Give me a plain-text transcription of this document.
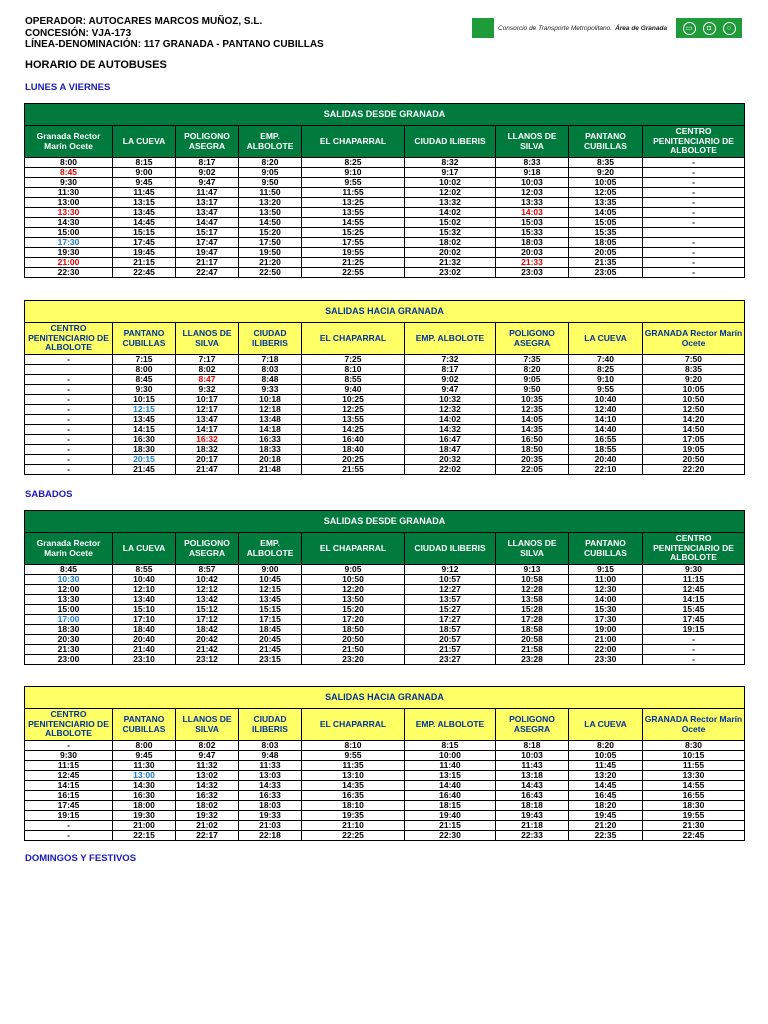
OPERADOR: AUTOCARES MARCOS MUÑOZ, S.L.
CONCESIÓN: VJA-173
LÍNEA-DENOMINACIÓN: 117 GRANADA - PANTANO CUBILLAS
Consorcio de Transporte Metropolitano. Área de Granada	▭	◘	○
HORARIO DE AUTOBUSES
LUNES A VIERNES
SABADOS
DOMINGOS Y FESTIVOS
SALIDAS DESDE GRANADA								
Granada Rector Marín Ocete	LA CUEVA	POLIGONO ASEGRA	EMP. ALBOLOTE	EL CHAPARRAL	CIUDAD ILIBERIS	LLANOS DE SILVA	PANTANO CUBILLAS	CENTRO PENITENCIARIO DE ALBOLOTE
8:00	8:15	8:17	8:20	8:25	8:32	8:33	8:35	-
8:45	9:00	9:02	9:05	9:10	9:17	9:18	9:20	-
9:30	9:45	9:47	9:50	9:55	10:02	10:03	10:05	-
11:30	11:45	11:47	11:50	11:55	12:02	12:03	12:05	-
13:00	13:15	13:17	13:20	13:25	13:32	13:33	13:35	-
13:30	13:45	13:47	13:50	13:55	14:02	14:03	14:05	-
14:30	14:45	14:47	14:50	14:55	15:02	15:03	15:05	-
15:00	15:15	15:17	15:20	15:25	15:32	15:33	15:35	
17:30	17:45	17:47	17:50	17:55	18:02	18:03	18:05	-
19:30	19:45	19:47	19:50	19:55	20:02	20:03	20:05	-
21:00	21:15	21:17	21:20	21:25	21:32	21:33	21:35	-
22:30	22:45	22:47	22:50	22:55	23:02	23:03	23:05	-
SALIDAS HACIA GRANADA								
CENTRO PENITENCIARIO DE ALBOLOTE	PANTANO CUBILLAS	LLANOS DE SILVA	CIUDAD ILIBERIS	EL CHAPARRAL	EMP. ALBOLOTE	POLIGONO ASEGRA	LA CUEVA	GRANADA Rector Marín Ocete
-	7:15	7:17	7:18	7:25	7:32	7:35	7:40	7:50
	8:00	8:02	8:03	8:10	8:17	8:20	8:25	8:35
-	8:45	8:47	8:48	8:55	9:02	9:05	9:10	9:20
-	9:30	9:32	9:33	9:40	9:47	9:50	9:55	10:05
-	10:15	10:17	10:18	10:25	10:32	10:35	10:40	10:50
-	12:15	12:17	12:18	12:25	12:32	12:35	12:40	12:50
-	13:45	13:47	13:48	13:55	14:02	14:05	14:10	14:20
-	14:15	14:17	14:18	14:25	14:32	14:35	14:40	14:50
-	16:30	16:32	16:33	16:40	16:47	16:50	16:55	17:05
-	18:30	18:32	18:33	18:40	18:47	18:50	18:55	19:05
-	20:15	20:17	20:18	20:25	20:32	20:35	20:40	20:50
-	21:45	21:47	21:48	21:55	22:02	22:05	22:10	22:20
SALIDAS DESDE GRANADA								
Granada Rector Marín Ocete	LA CUEVA	POLIGONO ASEGRA	EMP. ALBOLOTE	EL CHAPARRAL	CIUDAD ILIBERIS	LLANOS DE SILVA	PANTANO CUBILLAS	CENTRO PENITENCIARIO DE ALBOLOTE
8:45	8:55	8:57	9:00	9:05	9:12	9:13	9:15	9:30
10:30	10:40	10:42	10:45	10:50	10:57	10:58	11:00	11:15
12:00	12:10	12:12	12:15	12:20	12:27	12:28	12:30	12:45
13:30	13:40	13:42	13:45	13:50	13:57	13:58	14:00	14:15
15:00	15:10	15:12	15:15	15:20	15:27	15:28	15:30	15:45
17:00	17:10	17:12	17:15	17:20	17:27	17:28	17:30	17:45
18:30	18:40	18:42	18:45	18:50	18:57	18:58	19:00	19:15
20:30	20:40	20:42	20:45	20:50	20:57	20:58	21:00	-
21:30	21:40	21:42	21:45	21:50	21:57	21:58	22:00	-
23:00	23:10	23:12	23:15	23:20	23:27	23:28	23:30	-
SALIDAS HACIA GRANADA								
CENTRO PENITENCIARIO DE ALBOLOTE	PANTANO CUBILLAS	LLANOS DE SILVA	CIUDAD ILIBERIS	EL CHAPARRAL	EMP. ALBOLOTE	POLIGONO ASEGRA	LA CUEVA	GRANADA Rector Marín Ocete
-	8:00	8:02	8:03	8:10	8:15	8:18	8:20	8:30
9:30	9:45	9:47	9:48	9:55	10:00	10:03	10:05	10:15
11:15	11:30	11:32	11:33	11:35	11:40	11:43	11:45	11:55
12:45	13:00	13:02	13:03	13:10	13:15	13:18	13:20	13:30
14:15	14:30	14:32	14:33	14:35	14:40	14:43	14:45	14:55
16:15	16:30	16:32	16:33	16:35	16:40	16:43	16:45	16:55
17:45	18:00	18:02	18:03	18:10	18:15	18:18	18:20	18:30
19:15	19:30	19:32	19:33	19:35	19:40	19:43	19:45	19:55
-	21:00	21:02	21:03	21:10	21:15	21:18	21:20	21:30
-	22:15	22:17	22:18	22:25	22:30	22:33	22:35	22:45
